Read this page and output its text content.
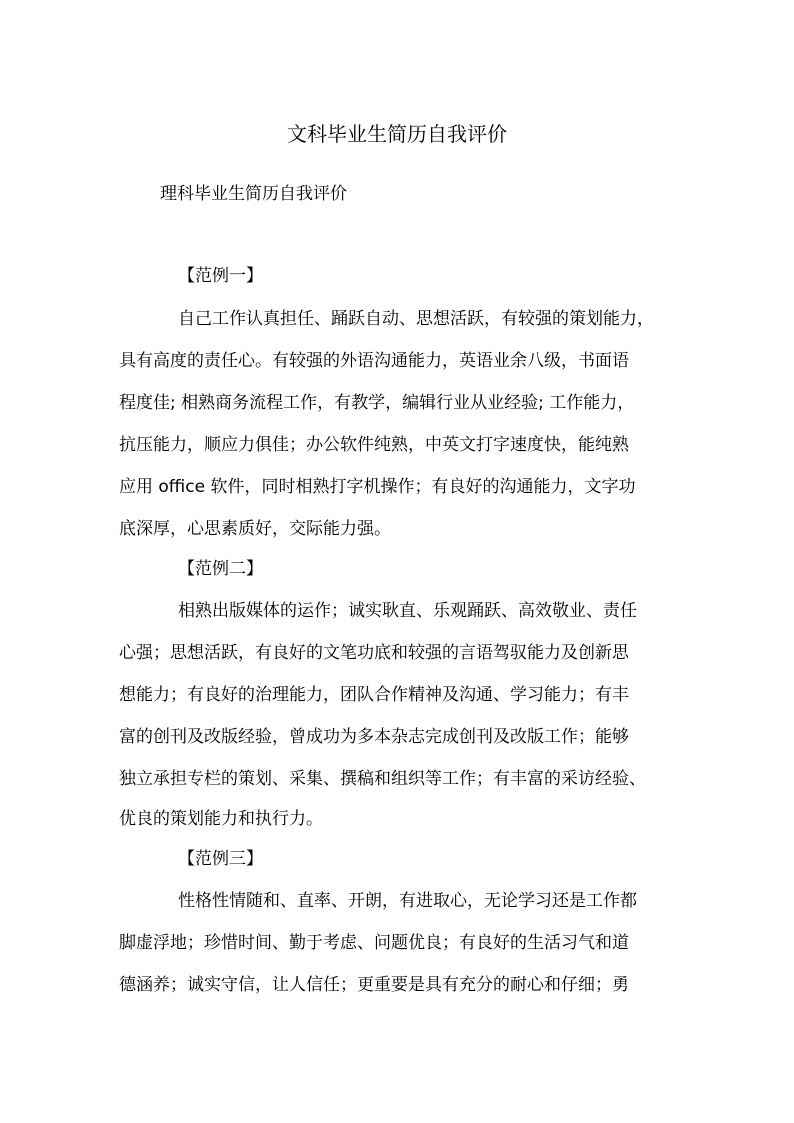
文科毕业生简历自我评价
理科毕业生简历自我评价
【范例一】
自己工作认真担任、踊跃自动、思想活跃，有较强的策划能力，
具有高度的责任心。有较强的外语沟通能力，英语业余八级，书面语
程度佳; 相熟商务流程工作，有教学，编辑行业从业经验; 工作能力，
抗压能力，顺应力俱佳；办公软件纯熟，中英文打字速度快，能纯熟
应用 office 软件，同时相熟打字机操作；有良好的沟通能力，文字功
底深厚，心思素质好，交际能力强。
【范例二】
相熟出版媒体的运作；诚实耿直、乐观踊跃、高效敬业、责任
心强；思想活跃，有良好的文笔功底和较强的言语驾驭能力及创新思
想能力；有良好的治理能力，团队合作精神及沟通、学习能力；有丰
富的创刊及改版经验，曾成功为多本杂志完成创刊及改版工作；能够
独立承担专栏的策划、采集、撰稿和组织等工作；有丰富的采访经验、
优良的策划能力和执行力。
【范例三】
性格性情随和、直率、开朗，有进取心，无论学习还是工作都
脚虚浮地；珍惜时间、勤于考虑、问题优良；有良好的生活习气和道
德涵养；诚实守信，让人信任；更重要是具有充分的耐心和仔细；勇
